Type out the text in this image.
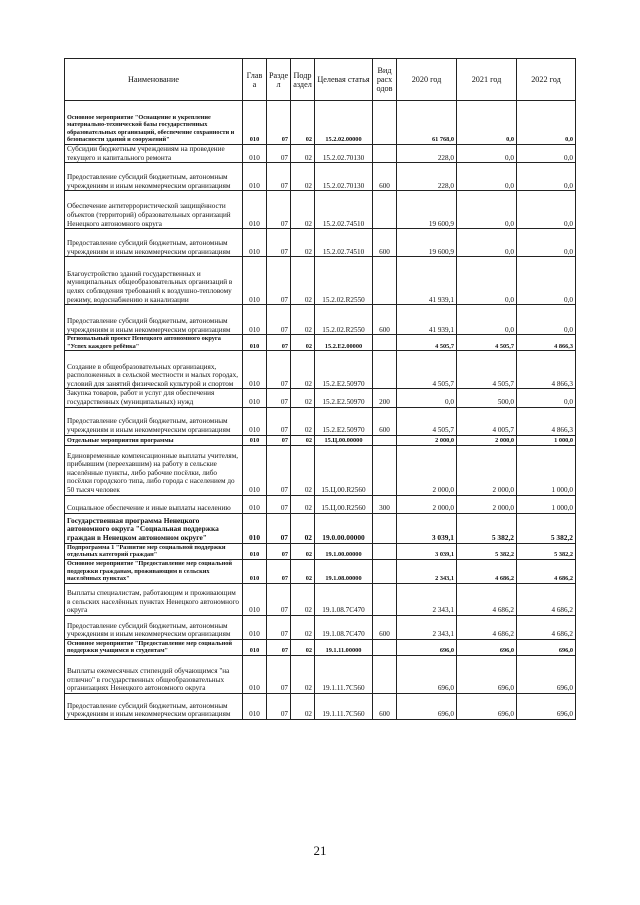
Наименование	Глав а	Разде л	Подр аздел	Целевая статья	Вид расх одов	2020 год	2021 год	2022 год
Основное мероприятие "Оснащение и укрепление материально-технической базы государственных образовательных организаций, обеспечение сохранности и безопасности зданий и сооружений"	010	07	02	15.2.02.00000		61 768,0	0,0	0,0
Субсидии бюджетным учреждениям на проведение текущего и капитального ремонта	010	07	02	15.2.02.70130		228,0	0,0	0,0
Предоставление субсидий бюджетным, автономным учреждениям и иным некоммерческим организациям	010	07	02	15.2.02.70130	600	228,0	0,0	0,0
Обеспечение антитеррористической защищённости объектов (территорий) образовательных организаций Ненецкого автономного округа	010	07	02	15.2.02.74510		19 600,9	0,0	0,0
Предоставление субсидий бюджетным, автономным учреждениям и иным некоммерческим организациям	010	07	02	15.2.02.74510	600	19 600,9	0,0	0,0
Благоустройство зданий государственных и муниципальных общеобразовательных организаций в целях соблюдения требований к воздушно-тепловому режиму, водоснабжению и канализации	010	07	02	15.2.02.R2550		41 939,1	0,0	0,0
Предоставление субсидий бюджетным, автономным учреждениям и иным некоммерческим организациям	010	07	02	15.2.02.R2550	600	41 939,1	0,0	0,0
Региональный проект Ненецкого автономного округа "Успех каждого ребёнка"	010	07	02	15.2.E2.00000		4 505,7	4 505,7	4 866,3
Создание в общеобразовательных организациях, расположенных в сельской местности и малых городах, условий для занятий физической культурой и спортом	010	07	02	15.2.E2.50970		4 505,7	4 505,7	4 866,3
Закупка товаров, работ и услуг для обеспечения государственных (муниципальных) нужд	010	07	02	15.2.E2.50970	200	0,0	500,0	0,0
Предоставление субсидий бюджетным, автономным учреждениям и иным некоммерческим организациям	010	07	02	15.2.E2.50970	600	4 505,7	4 005,7	4 866,3
Отдельные мероприятия программы	010	07	02	15.Ц.00.00000		2 000,0	2 000,0	1 000,0
Единовременные компенсационные выплаты учителям, прибывшим (переехавшим) на работу в сельские населённые пункты, либо рабочие посёлки, либо посёлки городского типа, либо города с населением до 50 тысяч человек	010	07	02	15.Ц.00.R2560		2 000,0	2 000,0	1 000,0
Социальное обеспечение и иные выплаты населению	010	07	02	15.Ц.00.R2560	300	2 000,0	2 000,0	1 000,0
Государственная программа Ненецкого автономного округа "Социальная поддержка граждан в Ненецком автономном округе"	010	07	02	19.0.00.00000		3 039,1	5 382,2	5 382,2
Подпрограмма 1 "Развитие мер социальной поддержки отдельных категорий граждан"	010	07	02	19.1.00.00000		3 039,1	5 382,2	5 382,2
Основное мероприятие "Предоставление мер социальной поддержки гражданам, проживающим в сельских населённых пунктах"	010	07	02	19.1.08.00000		2 343,1	4 686,2	4 686,2
Выплаты специалистам, работающим и проживающим в сельских населённых пунктах Ненецкого автономного округа	010	07	02	19.1.08.7С470		2 343,1	4 686,2	4 686,2
Предоставление субсидий бюджетным, автономным учреждениям и иным некоммерческим организациям	010	07	02	19.1.08.7С470	600	2 343,1	4 686,2	4 686,2
Основное мероприятие "Предоставление мер социальной поддержки учащимся и студентам"	010	07	02	19.1.11.00000		696,0	696,0	696,0
Выплаты ежемесячных стипендий обучающимся "на отлично" в государственных общеобразовательных организациях Ненецкого автономного округа	010	07	02	19.1.11.7С560		696,0	696,0	696,0
Предоставление субсидий бюджетным, автономным учреждениям и иным некоммерческим организациям	010	07	02	19.1.11.7С560	600	696,0	696,0	696,0
21
